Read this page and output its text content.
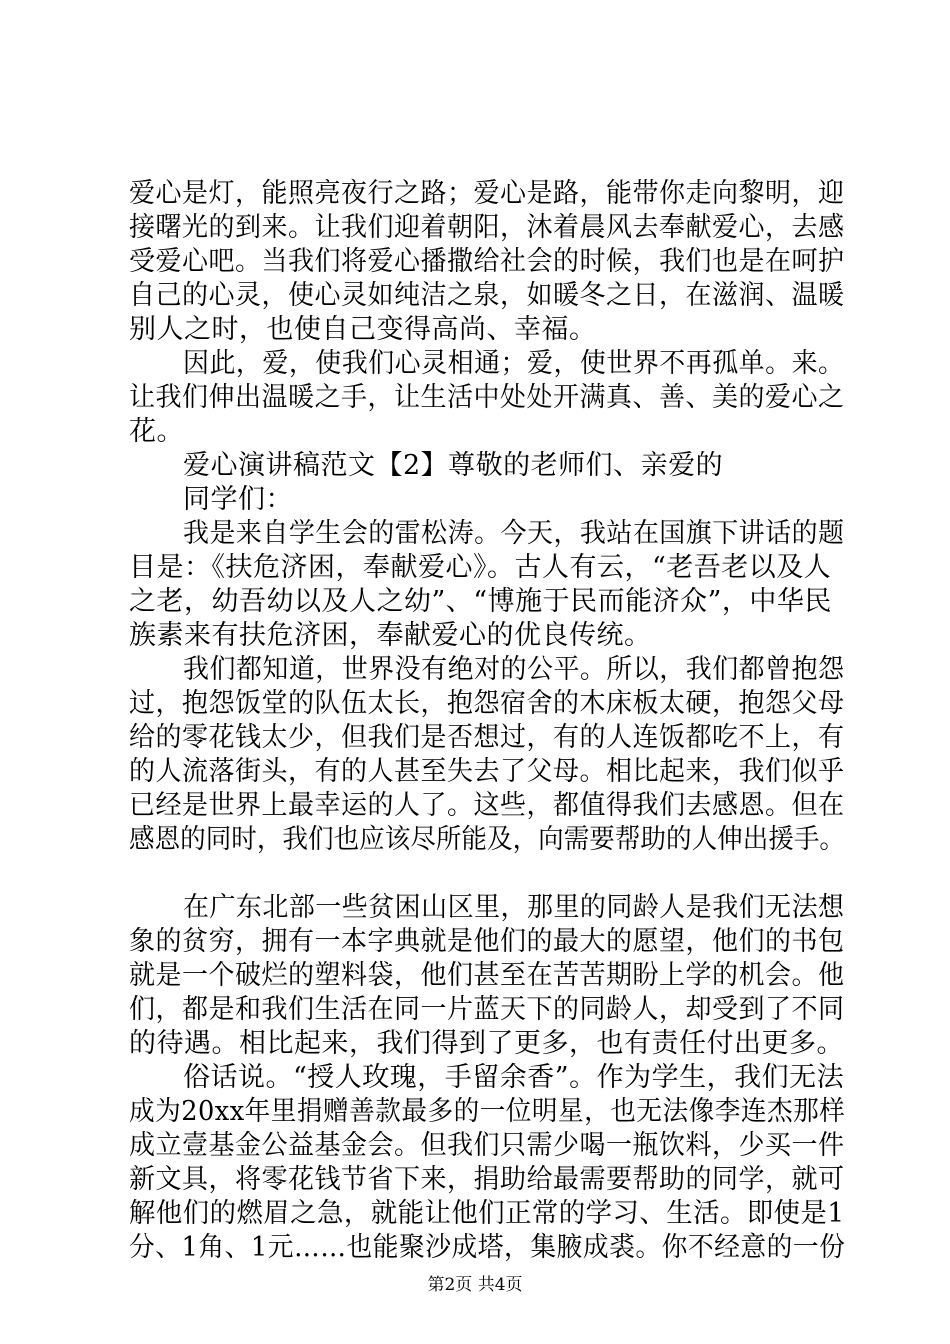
爱心是灯，能照亮夜行之路；爱心是路，能带你走向黎明，迎
接曙光的到来。让我们迎着朝阳，沐着晨风去奉献爱心，去感
受爱心吧。当我们将爱心播撒给社会的时候，我们也是在呵护
自己的心灵，使心灵如纯洁之泉，如暖冬之日，在滋润、温暖
别人之时，也使自己变得高尚、幸福。
因此，爱，使我们心灵相通；爱，使世界不再孤单。来。
让我们伸出温暖之手，让生活中处处开满真、善、美的爱心之
花。
爱心演讲稿范文【2】尊敬的老师们、亲爱的
同学们：
我是来自学生会的雷松涛。今天，我站在国旗下讲话的题
目是：《扶危济困，奉献爱心》。古人有云，“老吾老以及人
之老，幼吾幼以及人之幼”、“博施于民而能济众”，中华民
族素来有扶危济困，奉献爱心的优良传统。
我们都知道，世界没有绝对的公平。所以，我们都曾抱怨
过，抱怨饭堂的队伍太长，抱怨宿舍的木床板太硬，抱怨父母
给的零花钱太少，但我们是否想过，有的人连饭都吃不上，有
的人流落街头，有的人甚至失去了父母。相比起来，我们似乎
已经是世界上最幸运的人了。这些，都值得我们去感恩。但在
感恩的同时，我们也应该尽所能及，向需要帮助的人伸出援手。
在广东北部一些贫困山区里，那里的同龄人是我们无法想
象的贫穷，拥有一本字典就是他们的最大的愿望，他们的书包
就是一个破烂的塑料袋，他们甚至在苦苦期盼上学的机会。他
们，都是和我们生活在同一片蓝天下的同龄人，却受到了不同
的待遇。相比起来，我们得到了更多，也有责任付出更多。
俗话说。“授人玫瑰，手留余香”。作为学生，我们无法
成为20xx年里捐赠善款最多的一位明星，也无法像李连杰那样
成立壹基金公益基金会。但我们只需少喝一瓶饮料，少买一件
新文具，将零花钱节省下来，捐助给最需要帮助的同学，就可
解他们的燃眉之急，就能让他们正常的学习、生活。即使是1
分、1角、1元……也能聚沙成塔，集腋成裘。你不经意的一份
第2页 共4页
